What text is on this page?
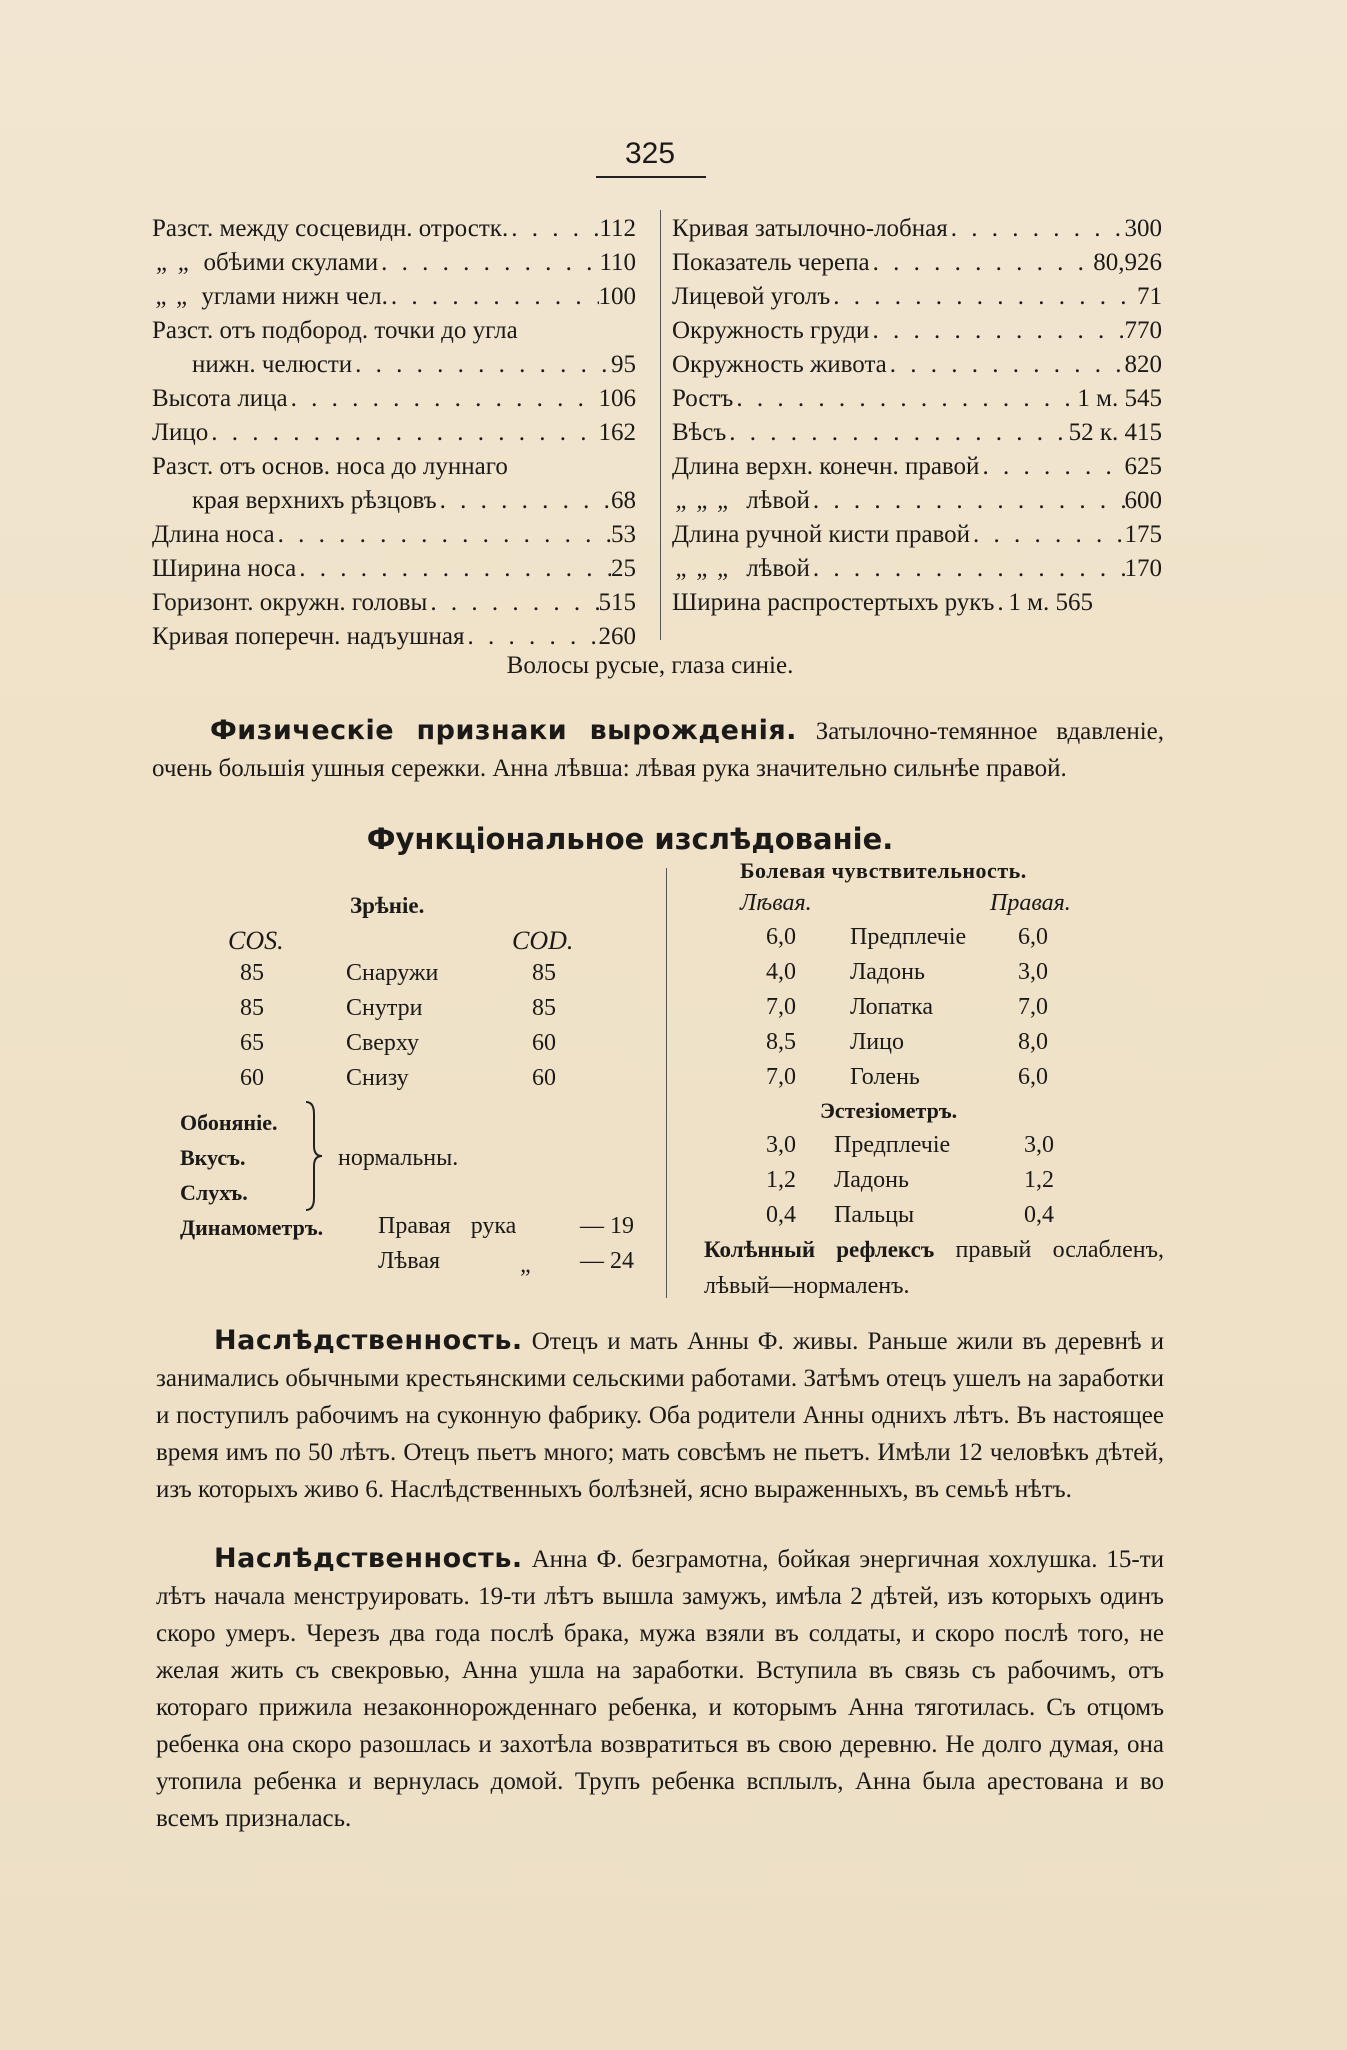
325
Разст. между сосцевидн. отростк. . . .	112
„ „ обѣими скулами . . .	110
„ „ углами нижн чел. . . .	100
Разст. отъ подбород. точки до угла
нижн. челюсти . . .	95
Высота лица . . .	106
Лицо . . .	162
Разст. отъ основ. носа до луннаго
края верхнихъ рѣзцовъ . . .	68
Длина носа . . .	53
Ширина носа . . .	25
Горизонт. окружн. головы . . .	515
Кривая поперечн. надъушная . . .	260
Кривая затылочно-лобная . . .	300
Показатель черепа . . .	80,926
Лицевой уголъ . . .	71
Окружность груди . . .	770
Окружность живота . . .	820
Ростъ . . .	1 м. 545
Вѣсъ . . .	52 к. 415
Длина верхн. конечн. правой . . .	625
„ „ „ лѣвой . . .	600
Длина ручной кисти правой . . .	175
„ „ „ лѣвой . . .	170
Ширина распростертыхъ рукъ . . . 1 м. 565
Волосы русые, глаза синіе.
Физическіе признаки вырожденія. Затылочно-темянное вдавленіе, очень большія ушныя сережки. Анна лѣвша: лѣвая рука значительно сильнѣе правой.
Функціональное изслѣдованіе.
Зрѣніе.
COS.	COD.
85	Снаружи	85
85	Снутри	85
65	Сверху	60
60	Снизу	60
Обоняніе.
Вкусъ.
Слухъ.
нормальны.
Динамометръ. Правая рука	— 19
Лѣвая	„ — 24
Болевая чувствительность.
Лѣвая.	Правая.
6,0 Предплечіе 6,0
4,0 Ладонь	3,0
7,0 Лопатка	7,0
8,5 Лицо	8,0
7,0 Голень	6,0
Эстезіометръ.
3,0 Предплечіе	3,0
1,2 Ладонь	1,2
0,4 Пальцы	0,4
Колѣнный рефлексъ правый ослабленъ, лѣвый—нормаленъ.
Наслѣдственность. Отецъ и мать Анны Ф. живы. Раньше жили въ деревнѣ и занимались обычными крестьянскими сельскими работами. Затѣмъ отецъ ушелъ на заработки и поступилъ рабочимъ на суконную фабрику. Оба родители Анны однихъ лѣтъ. Въ настоящее время имъ по 50 лѣтъ. Отецъ пьетъ много; мать совсѣмъ не пьетъ. Имѣли 12 человѣкъ дѣтей, изъ которыхъ живо 6. Наслѣдственныхъ болѣзней, ясно выраженныхъ, въ семьѣ нѣтъ.
Наслѣдственность. Анна Ф. безграмотна, бойкая энергичная хохлушка. 15-ти лѣтъ начала менструировать. 19-ти лѣтъ вышла замужъ, имѣла 2 дѣтей, изъ которыхъ одинъ скоро умеръ. Черезъ два года послѣ брака, мужа взяли въ солдаты, и скоро послѣ того, не желая жить съ свекровью, Анна ушла на заработки. Вступила въ связь съ рабочимъ, отъ котораго прижила незаконнорожденнаго ребенка, и которымъ Анна тяготилась. Съ отцомъ ребенка она скоро разошлась и захотѣла возвратиться въ свою деревню. Не долго думая, она утопила ребенка и вернулась домой. Трупъ ребенка всплылъ, Анна была арестована и во всемъ призналась.
